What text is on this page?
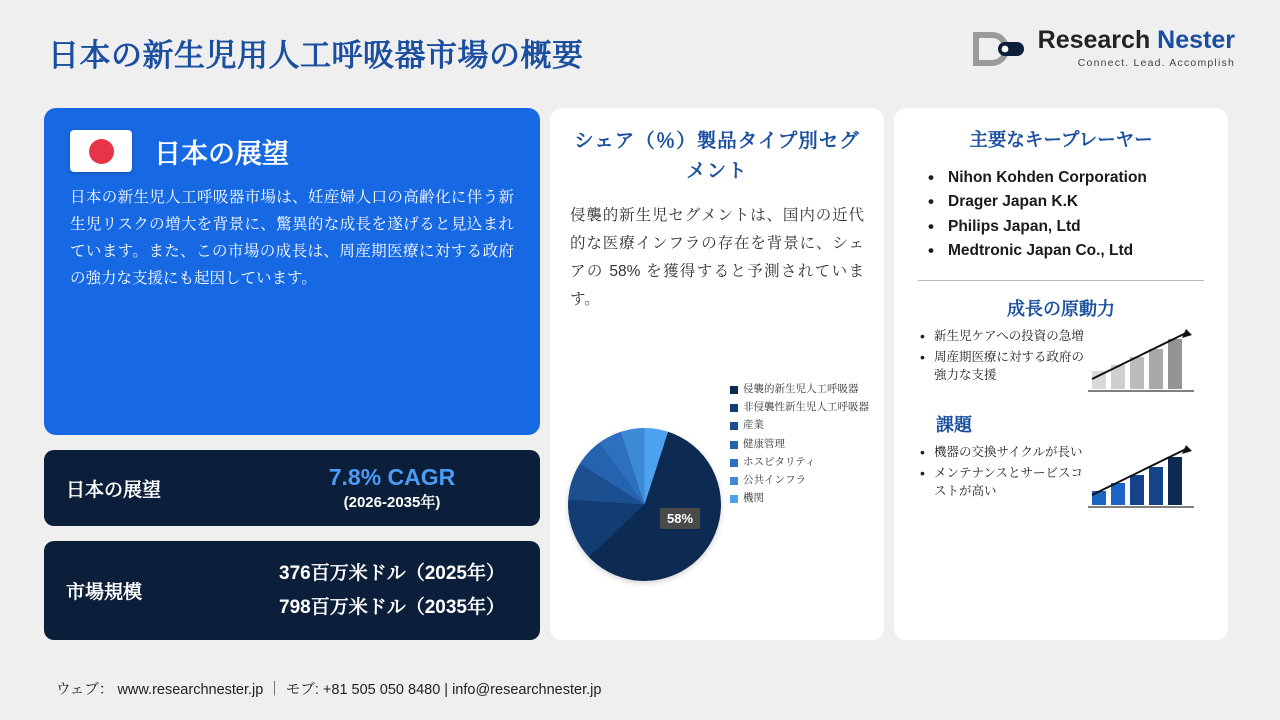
日本の新生児用人工呼吸器市場の概要	Research Nester
Connect. Lead. Accomplish
日本の展望
日本の新生児人工呼吸器市場は、妊産婦人口の高齢化に伴う新生児リスクの増大を背景に、驚異的な成長を遂げると見込まれています。また、この市場の成長は、周産期医療に対する政府の強力な支援にも起因しています。
日本の展望	7.8% CAGR
(2026-2035年)
市場規模
376百万米ドル（2025年）
798百万米ドル（2035年）
シェア（％）製品タイプ別セグメント
侵襲的新生児セグメントは、国内の近代的な医療インフラの存在を背景に、シェアの 58% を獲得すると予測されています。
58%
侵襲的新生児人工呼吸器
非侵襲性新生児人工呼吸器
産業
健康管理
ホスピタリティ
公共インフラ
機関
主要なキープレーヤー
• Nihon Kohden Corporation
• Drager Japan K.K
• Philips Japan, Ltd
• Medtronic Japan Co., Ltd
成長の原動力
• 新生児ケアへの投資の急増
• 周産期医療に対する政府の強力な支援
課題
• 機器の交換サイクルが長い
• メンテナンスとサービスコストが高い
ウェブ： www.researchnester.jp ｜ モブ: +81 505 050 8480 | info@researchnester.jp
